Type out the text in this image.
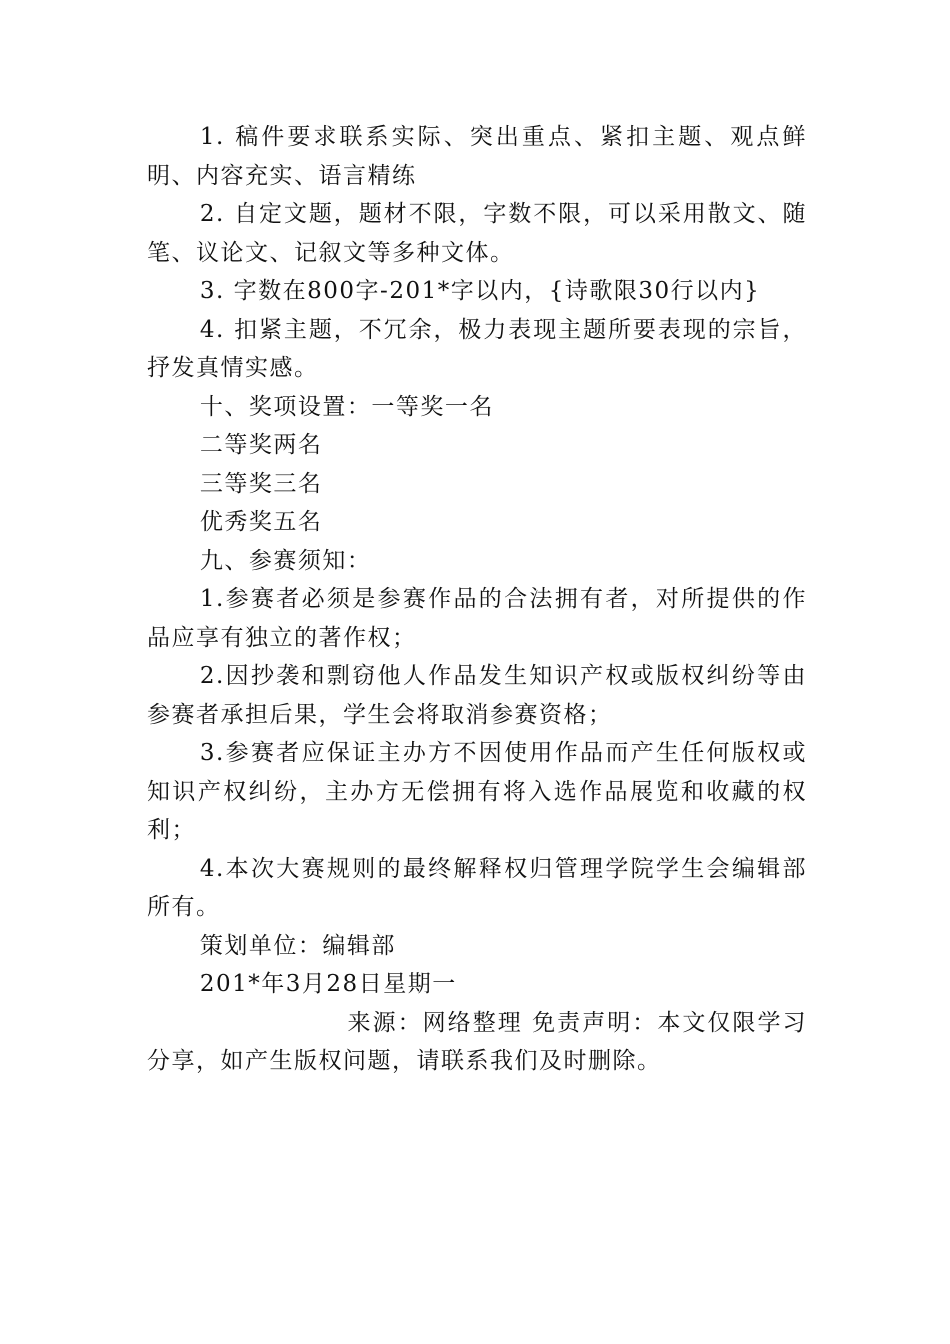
1. 稿件要求联系实际、突出重点、紧扣主题、观点鲜明、内容充实、语言精练

2. 自定文题，题材不限，字数不限，可以采用散文、随笔、议论文、记叙文等多种文体。

3. 字数在800字-201*字以内，{诗歌限30行以内}

4. 扣紧主题，不冗余，极力表现主题所要表现的宗旨，抒发真情实感。

十、奖项设置：一等奖一名

二等奖两名

三等奖三名

优秀奖五名

九、参赛须知：

1.参赛者必须是参赛作品的合法拥有者，对所提供的作品应享有独立的著作权；

2.因抄袭和剽窃他人作品发生知识产权或版权纠纷等由参赛者承担后果，学生会将取消参赛资格；

3.参赛者应保证主办方不因使用作品而产生任何版权或知识产权纠纷，主办方无偿拥有将入选作品展览和收藏的权利；

4.本次大赛规则的最终解释权归管理学院学生会编辑部所有。

策划单位：编辑部

201*年3月28日星期一

来源：网络整理 免责声明：本文仅限学习分享，如产生版权问题，请联系我们及时删除。
